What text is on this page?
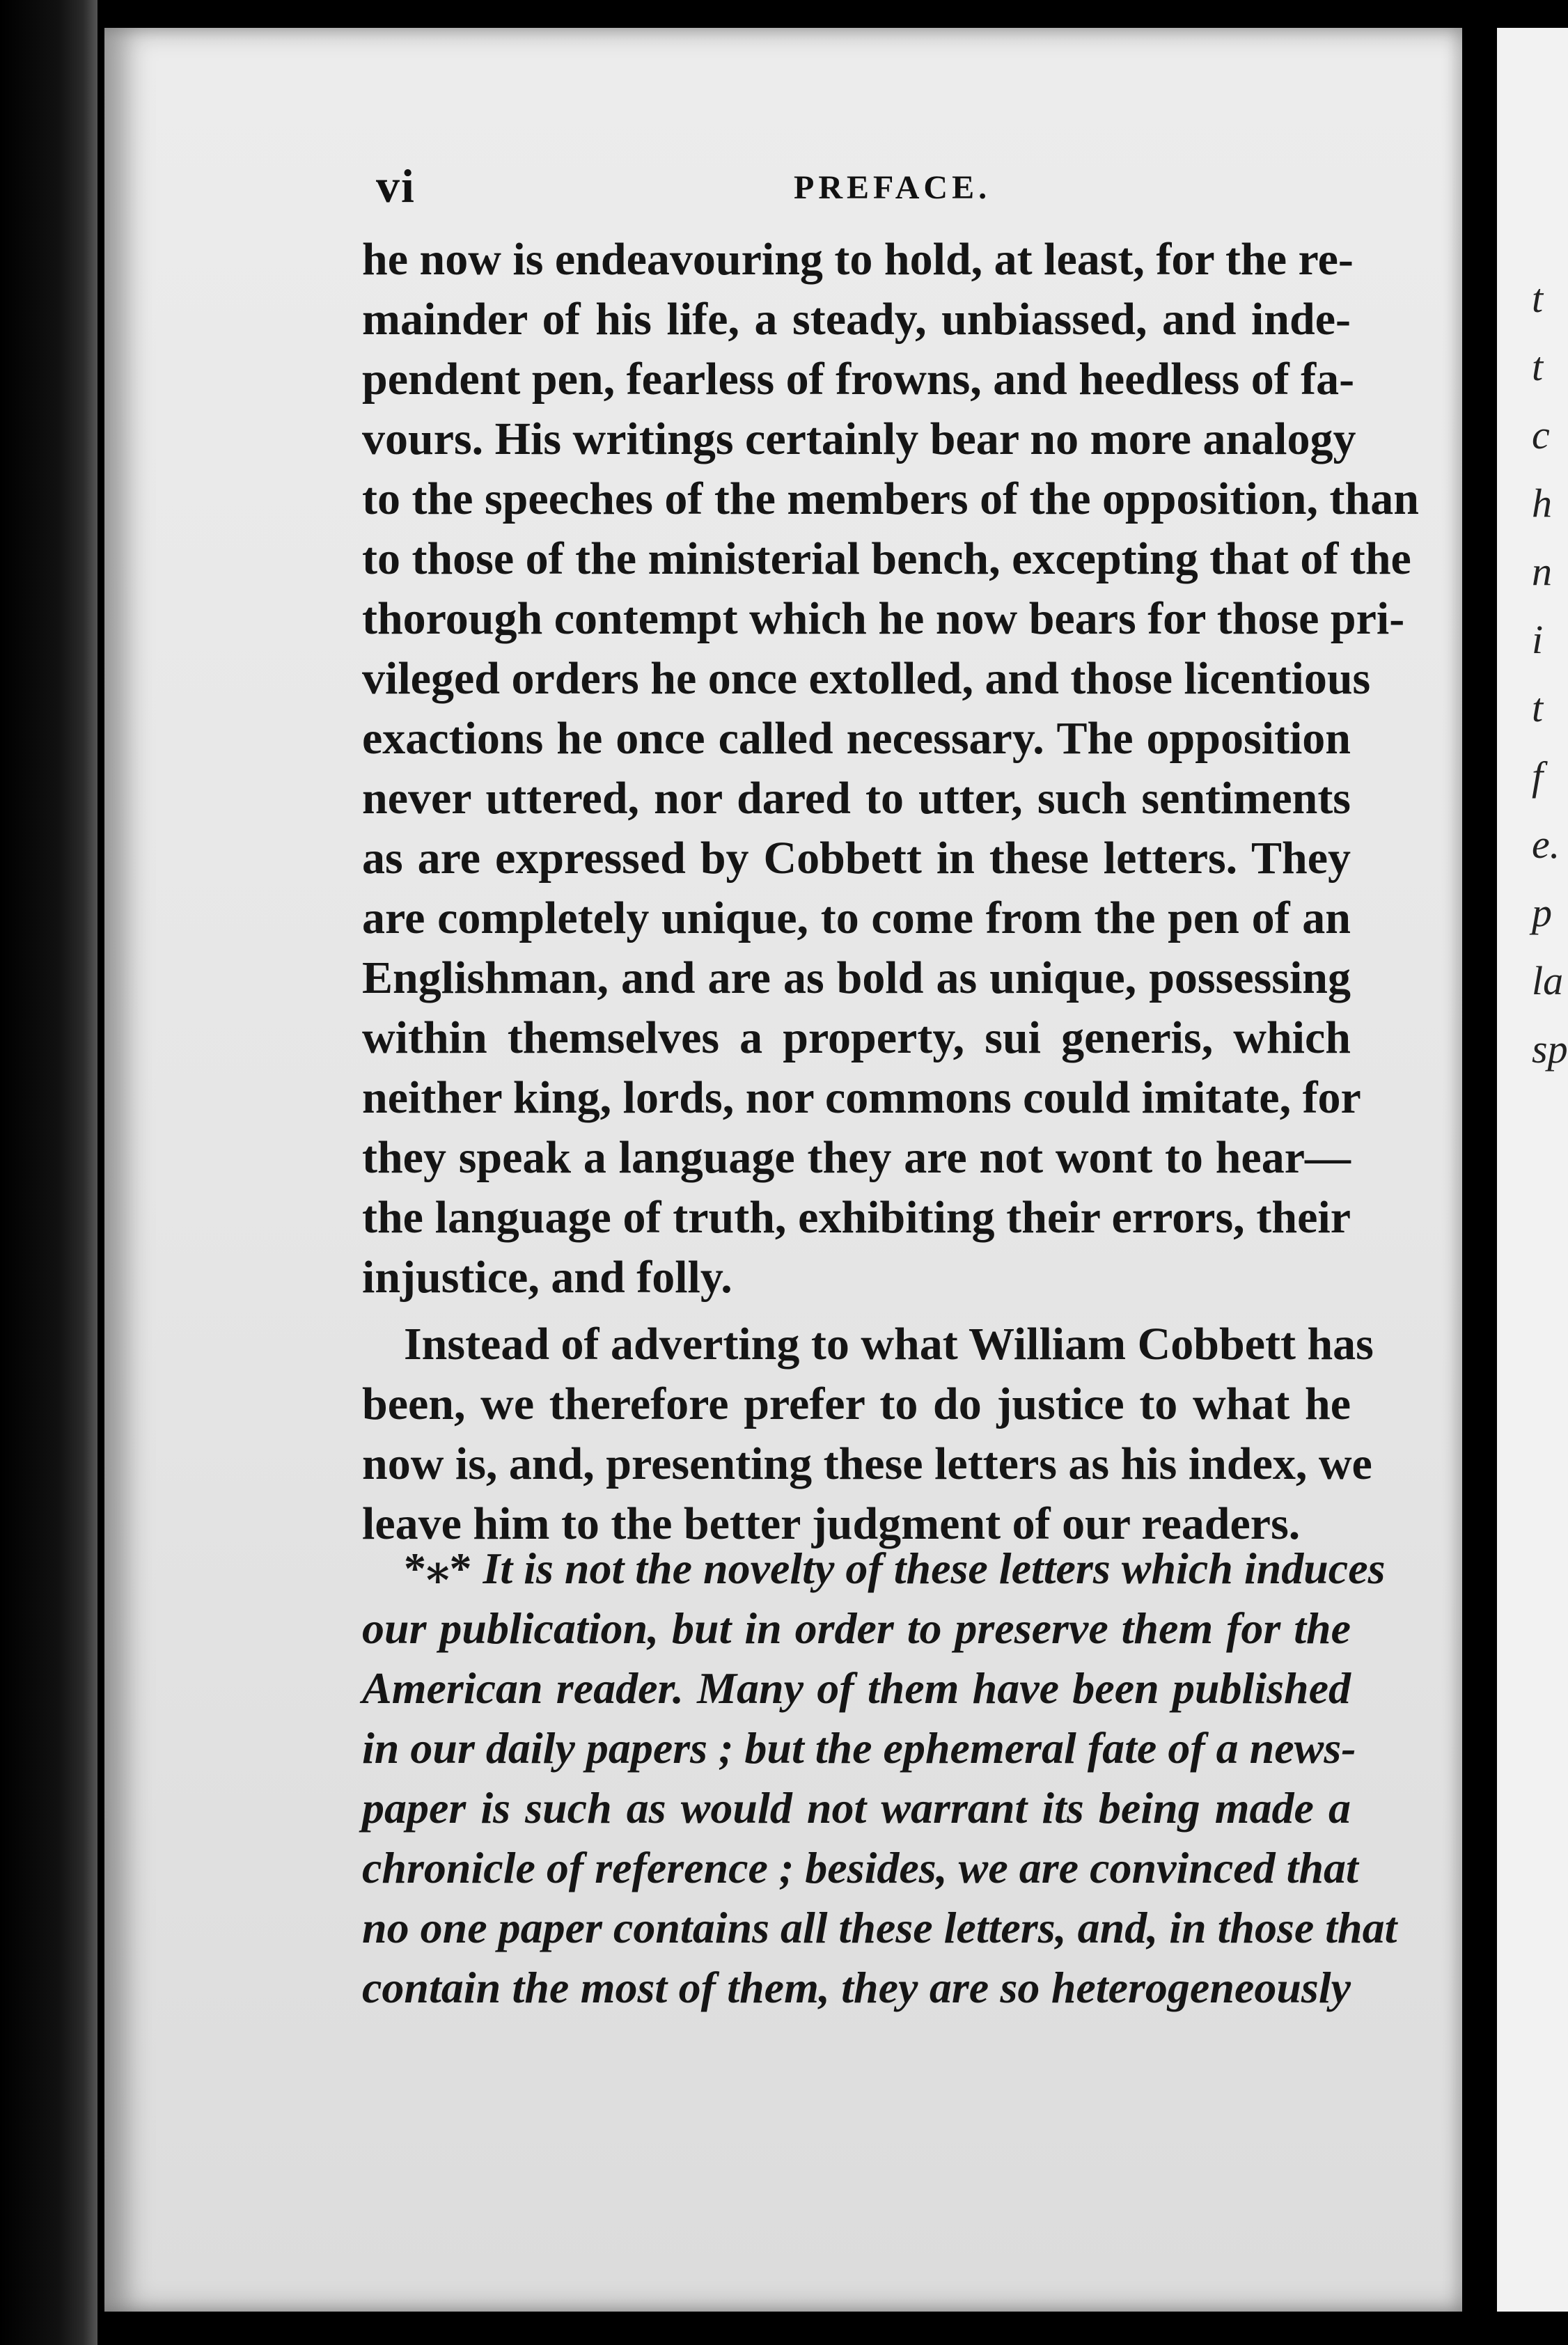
t
t
c
h
n
i
t
f
e.
p
la
sp
vi	PREFACE.
he now is endeavouring to hold, at least, for the re-
mainder of his life, a steady, unbiassed, and inde-
pendent pen, fearless of frowns, and heedless of fa-
vours. His writings certainly bear no more analogy
to the speeches of the members of the opposition, than
to those of the ministerial bench, excepting that of the
thorough contempt which he now bears for those pri-
vileged orders he once extolled, and those licentious
exactions he once called necessary. The opposition
never uttered, nor dared to utter, such sentiments
as are expressed by Cobbett in these letters. They
are completely unique, to come from the pen of an
Englishman, and are as bold as unique, possessing
within themselves a property, sui generis, which
neither king, lords, nor commons could imitate, for
they speak a language they are not wont to hear—
the language of truth, exhibiting their errors, their
injustice, and folly.
Instead of adverting to what William Cobbett has
been, we therefore prefer to do justice to what he
now is, and, presenting these letters as his index, we
leave him to the better judgment of our readers.
*⁎* It is not the novelty of these letters which induces
our publication, but in order to preserve them for the
American reader. Many of them have been published
in our daily papers ; but the ephemeral fate of a news-
paper is such as would not warrant its being made a
chronicle of reference ; besides, we are convinced that
no one paper contains all these letters, and, in those that
contain the most of them, they are so heterogeneously
